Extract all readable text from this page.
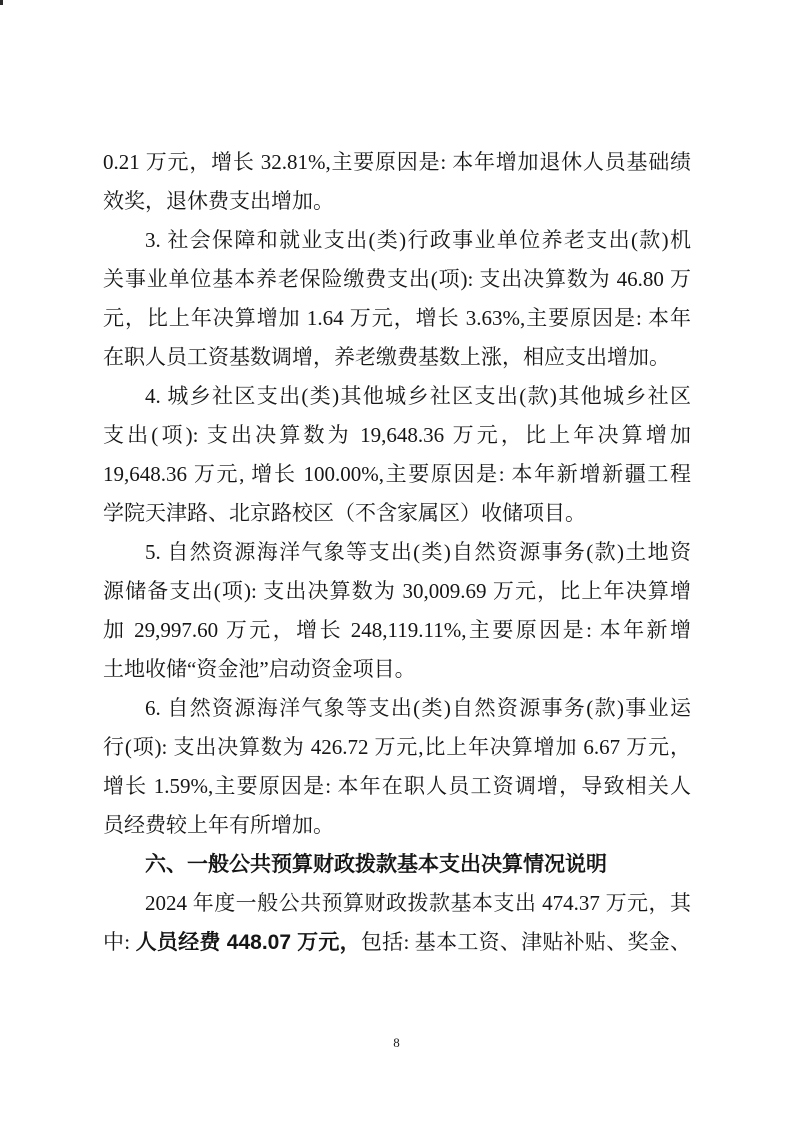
0.21 万元，增长 32.81%,主要原因是: 本年增加退休人员基础绩
效奖，退休费支出增加。
3. 社会保障和就业支出(类)行政事业单位养老支出(款)机
关事业单位基本养老保险缴费支出(项): 支出决算数为 46.80 万
元，比上年决算增加 1.64 万元，增长 3.63%,主要原因是: 本年
在职人员工资基数调增，养老缴费基数上涨，相应支出增加。
4. 城乡社区支出(类)其他城乡社区支出(款)其他城乡社区
支出(项): 支出决算数为 19,648.36 万元，比上年决算增加
19,648.36 万元, 增长 100.00%,主要原因是: 本年新增新疆工程
学院天津路、北京路校区（不含家属区）收储项目。
5. 自然资源海洋气象等支出(类)自然资源事务(款)土地资
源储备支出(项): 支出决算数为 30,009.69 万元，比上年决算增
加 29,997.60 万元，增长 248,119.11%,主要原因是: 本年新增
土地收储“资金池”启动资金项目。
6. 自然资源海洋气象等支出(类)自然资源事务(款)事业运
行(项): 支出决算数为 426.72 万元,比上年决算增加 6.67 万元，
增长 1.59%,主要原因是: 本年在职人员工资调增，导致相关人
员经费较上年有所增加。
六、一般公共预算财政拨款基本支出决算情况说明
2024 年度一般公共预算财政拨款基本支出 474.37 万元，其
中: 人员经费 448.07 万元，包括: 基本工资、津贴补贴、奖金、
8
